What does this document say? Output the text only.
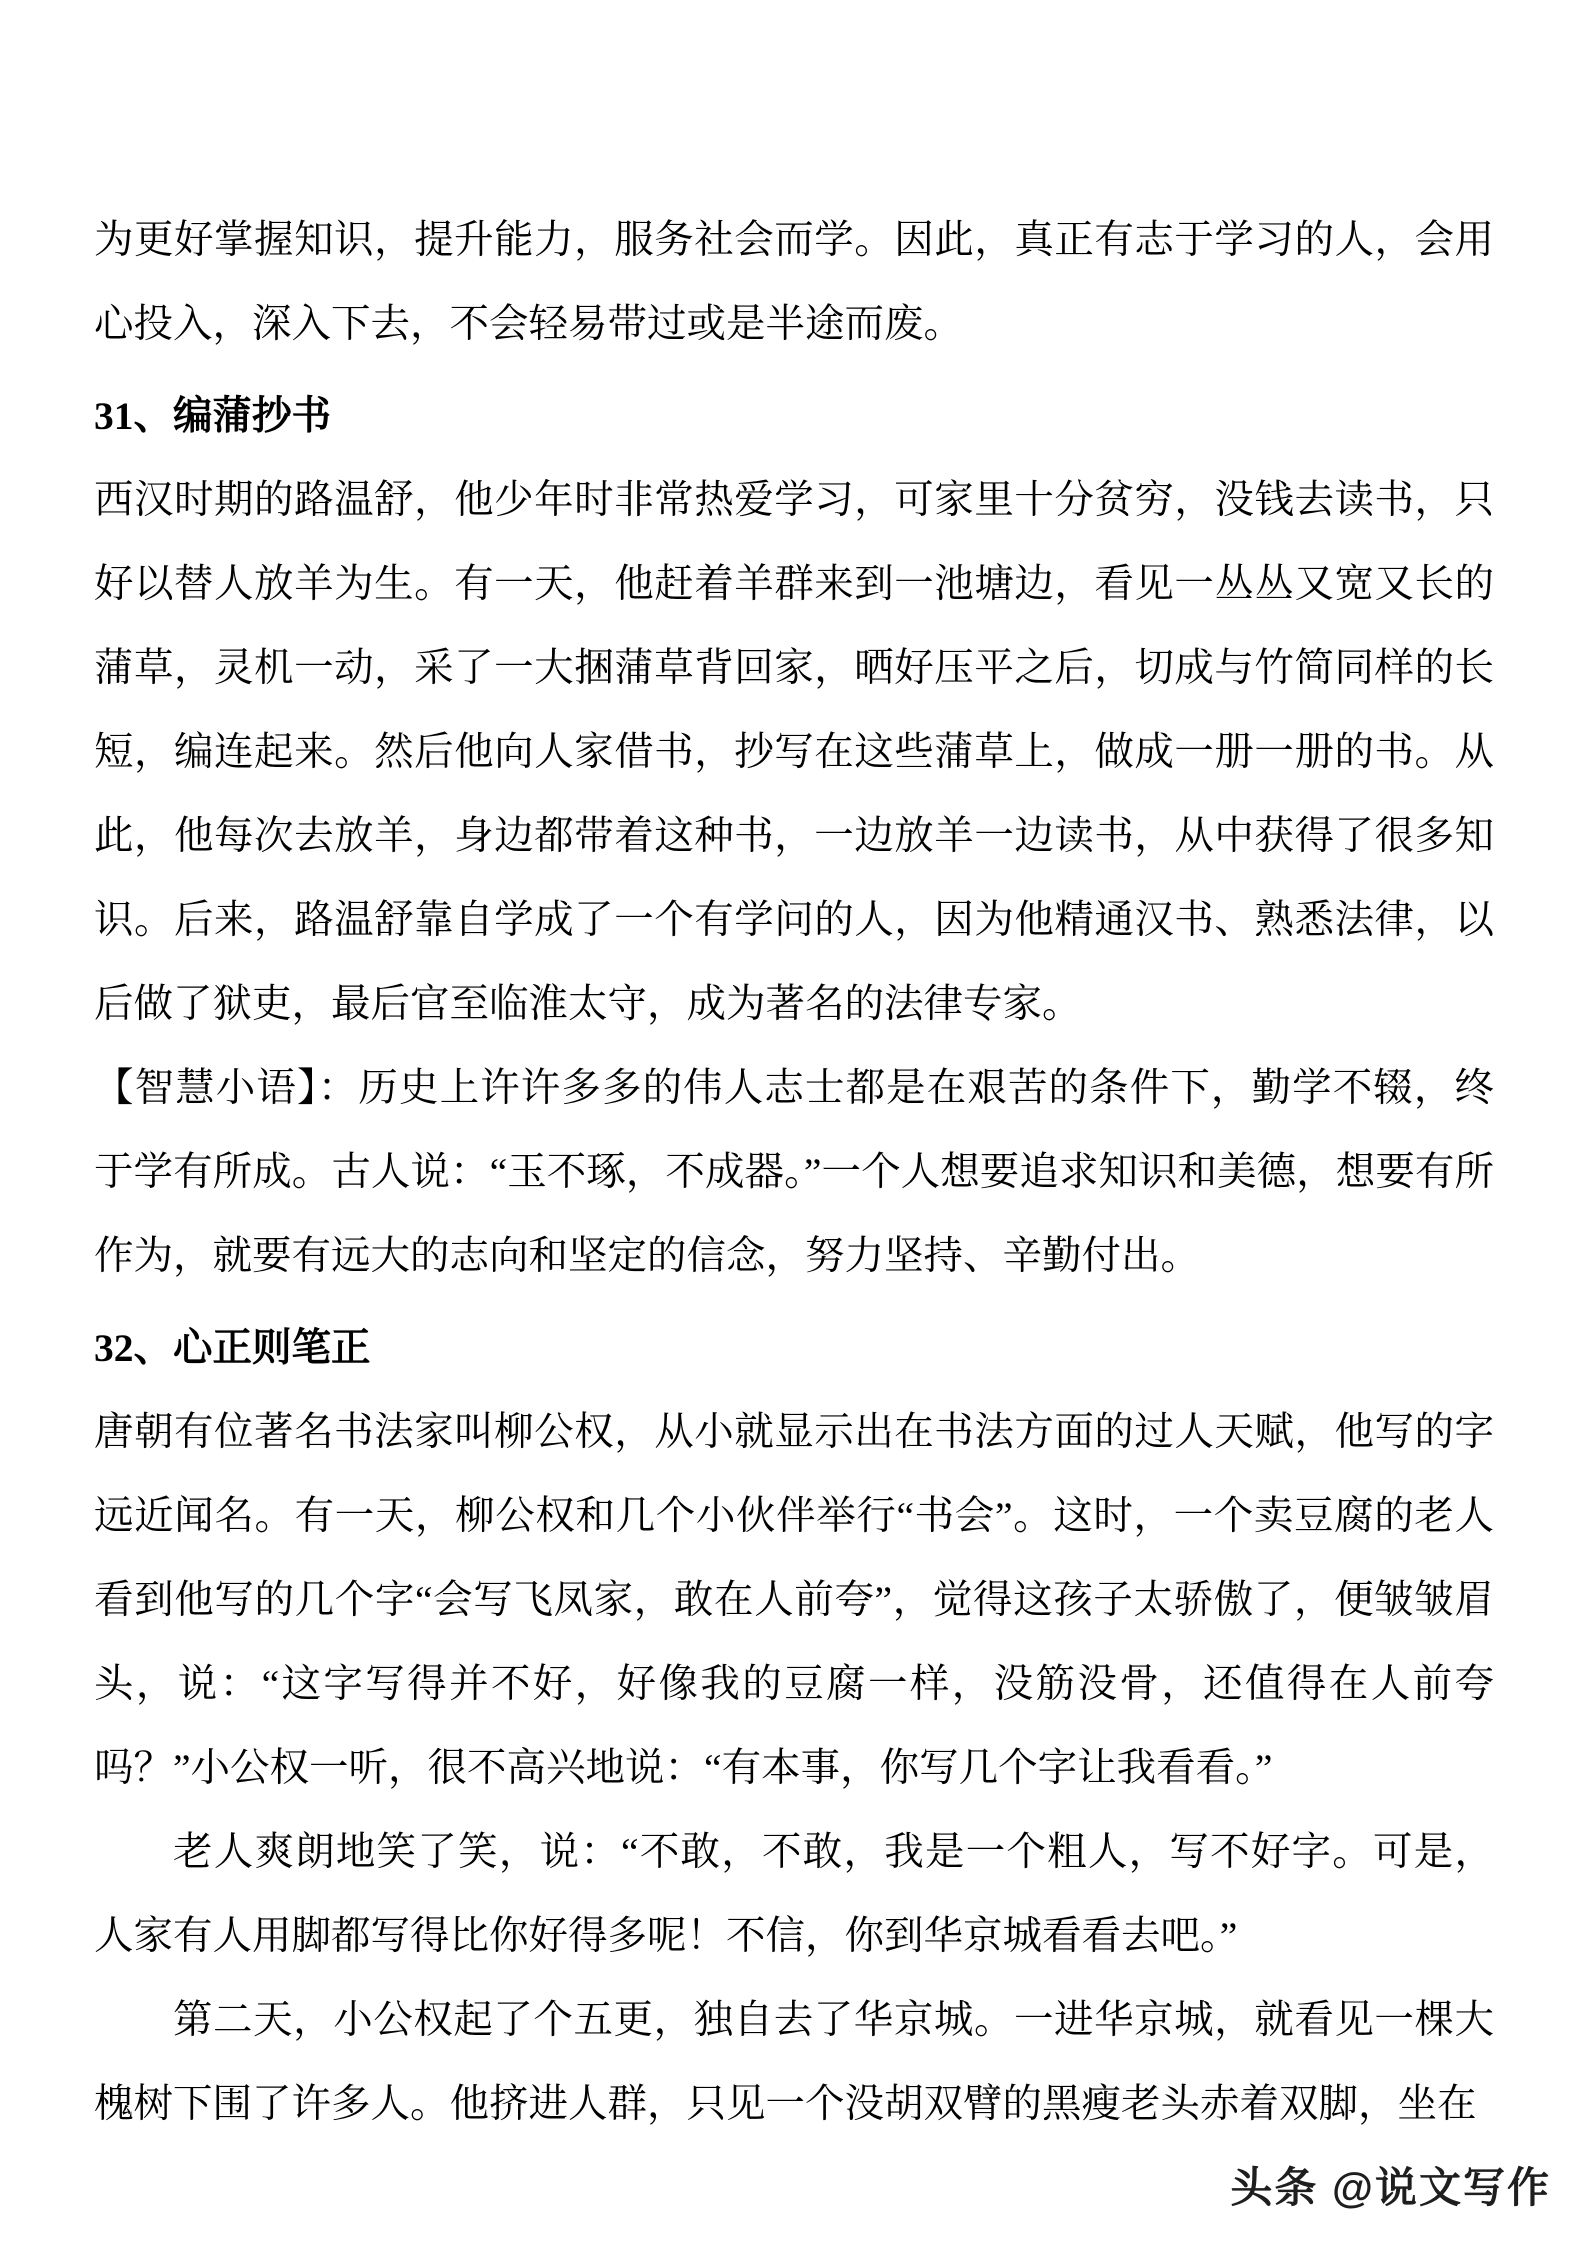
为更好掌握知识，提升能力，服务社会而学。因此，真正有志于学习的人，会用心投入，深入下去，不会轻易带过或是半途而废。

31、编蒲抄书

西汉时期的路温舒，他少年时非常热爱学习，可家里十分贫穷，没钱去读书，只好以替人放羊为生。有一天，他赶着羊群来到一池塘边，看见一丛丛又宽又长的蒲草，灵机一动，采了一大捆蒲草背回家，晒好压平之后，切成与竹简同样的长短，编连起来。然后他向人家借书，抄写在这些蒲草上，做成一册一册的书。从此，他每次去放羊，身边都带着这种书，一边放羊一边读书，从中获得了很多知识。后来，路温舒靠自学成了一个有学问的人，因为他精通汉书、熟悉法律，以后做了狱吏，最后官至临淮太守，成为著名的法律专家。

【智慧小语】：历史上许许多多的伟人志士都是在艰苦的条件下，勤学不辍，终于学有所成。古人说：“玉不琢，不成器。”一个人想要追求知识和美德，想要有所作为，就要有远大的志向和坚定的信念，努力坚持、辛勤付出。

32、心正则笔正

唐朝有位著名书法家叫柳公权，从小就显示出在书法方面的过人天赋，他写的字远近闻名。有一天，柳公权和几个小伙伴举行“书会”。这时，一个卖豆腐的老人看到他写的几个字“会写飞凤家，敢在人前夸”，觉得这孩子太骄傲了，便皱皱眉头，说：“这字写得并不好，好像我的豆腐一样，没筋没骨，还值得在人前夸吗？”小公权一听，很不高兴地说：“有本事，你写几个字让我看看。”

老人爽朗地笑了笑，说：“不敢，不敢，我是一个粗人，写不好字。可是，人家有人用脚都写得比你好得多呢！不信，你到华京城看看去吧。”

第二天，小公权起了个五更，独自去了华京城。一进华京城，就看见一棵大槐树下围了许多人。他挤进人群，只见一个没胡双臂的黑瘦老头赤着双脚，坐在

头条 @说文写作
